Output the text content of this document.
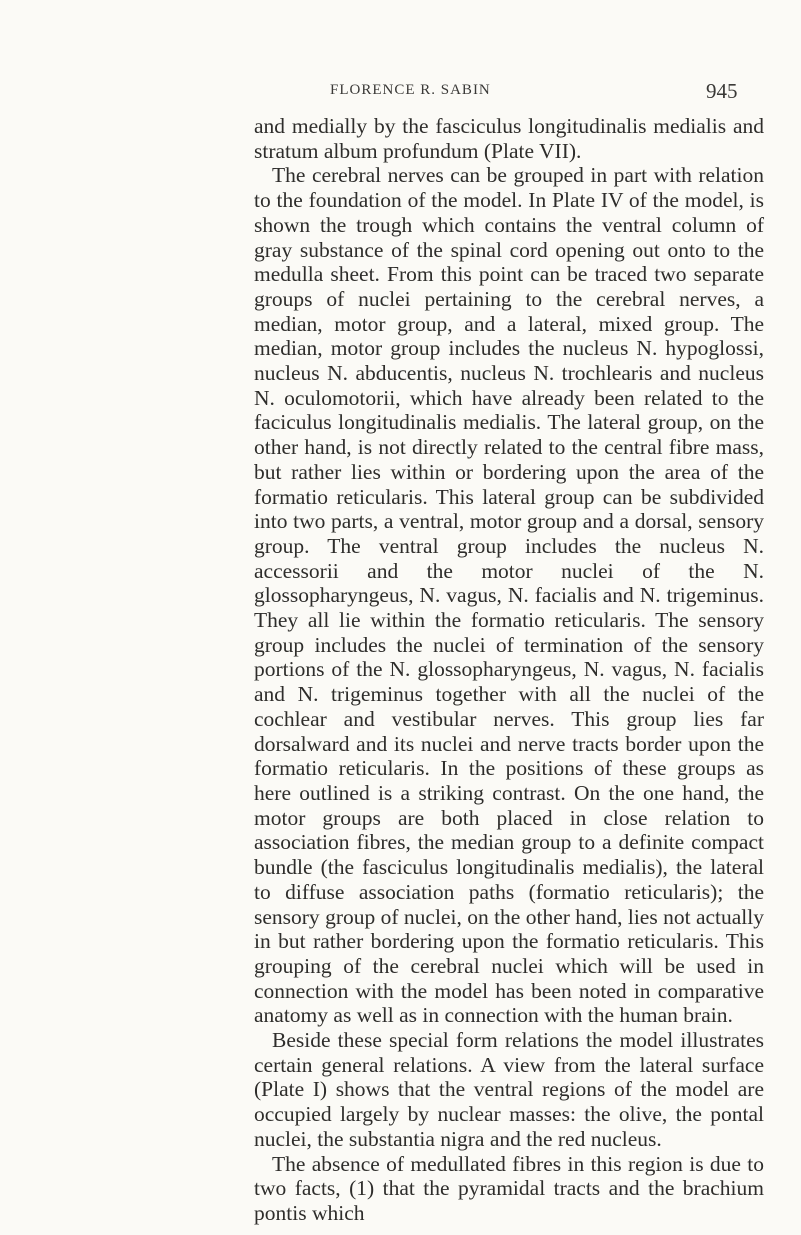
FLORENCE R. SABIN	945

and medially by the fasciculus longitudinalis medialis and stratum album profundum (Plate VII).

The cerebral nerves can be grouped in part with relation to the foundation of the model. In Plate IV of the model, is shown the trough which contains the ventral column of gray substance of the spinal cord opening out onto to the medulla sheet. From this point can be traced two separate groups of nuclei pertaining to the cerebral nerves, a median, motor group, and a lateral, mixed group. The median, motor group includes the nucleus N. hypoglossi, nucleus N. abducentis, nucleus N. trochlearis and nucleus N. oculomotorii, which have already been related to the faciculus longitudinalis medialis. The lateral group, on the other hand, is not directly related to the central fibre mass, but rather lies within or bordering upon the area of the formatio reticularis. This lateral group can be subdivided into two parts, a ventral, motor group and a dorsal, sensory group. The ventral group includes the nucleus N. accessorii and the motor nuclei of the N. glossopharyngeus, N. vagus, N. facialis and N. trigeminus. They all lie within the formatio reticularis. The sensory group includes the nuclei of termination of the sensory portions of the N. glossopharyngeus, N. vagus, N. facialis and N. trigeminus together with all the nuclei of the cochlear and vestibular nerves. This group lies far dorsalward and its nuclei and nerve tracts border upon the formatio reticularis. In the positions of these groups as here outlined is a striking contrast. On the one hand, the motor groups are both placed in close relation to association fibres, the median group to a definite compact bundle (the fasciculus longitudinalis medialis), the lateral to diffuse association paths (formatio reticularis); the sensory group of nuclei, on the other hand, lies not actually in but rather bordering upon the formatio reticularis. This grouping of the cerebral nuclei which will be used in connection with the model has been noted in comparative anatomy as well as in connection with the human brain.

Beside these special form relations the model illustrates certain general relations. A view from the lateral surface (Plate I) shows that the ventral regions of the model are occupied largely by nuclear masses: the olive, the pontal nuclei, the substantia nigra and the red nucleus.

The absence of medullated fibres in this region is due to two facts, (1) that the pyramidal tracts and the brachium pontis which
